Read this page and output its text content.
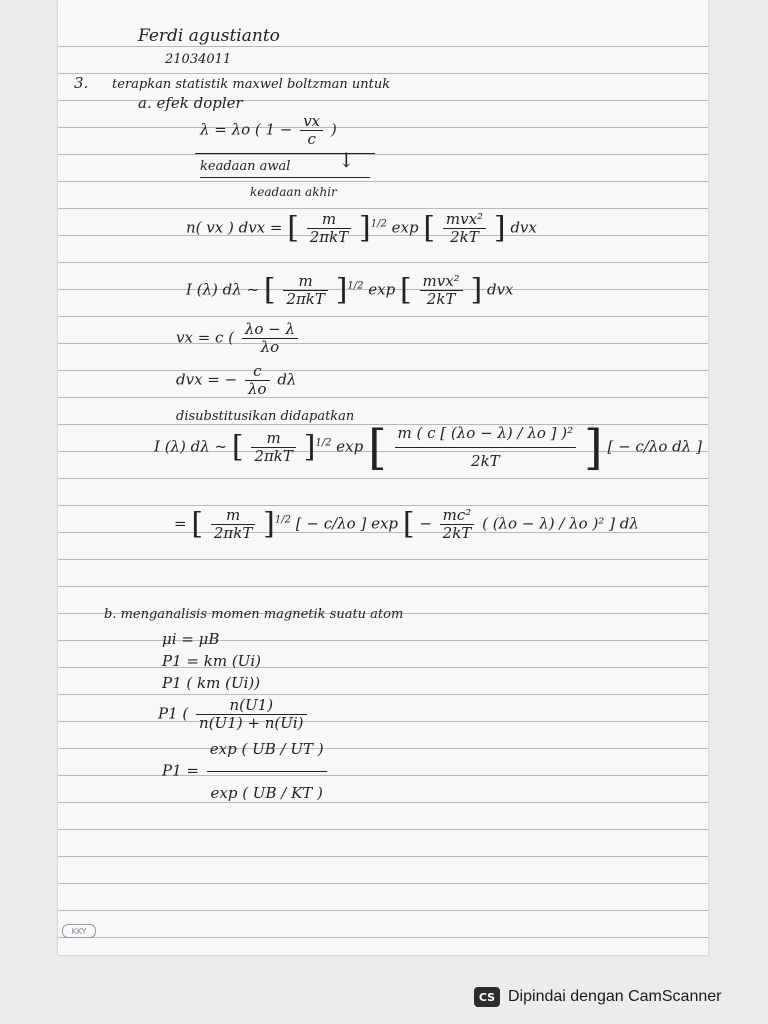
Ferdi agustianto
21034011
3. terapkan statistik maxwel boltzman untuk
a. efek dopler
λ = λo ( $1 - \frac{vx}{c}$ )
keadaan awal ↓
keadaan akhir
n( vx ) dvx = [ $\frac{m}{\text{2πkT}} ]^{1/2}$ exp [ $\frac{\text{mvx²}}{2kT}$ ] dvx
I (λ) dλ ~ [ $\frac{m}{\text{2πkT}} ]^{1/2}$ exp [ $\frac{\text{mvx²}}{2kT}$ ] dvx
vx = c ( $\frac{\lambda o - \lambda}{\lambda o}$
dvx = − $\frac{c}{\lambda o}$ dλ
disubstitusikan didapatkan
I (λ) dλ ~ [ $\frac{m}{\text{2πkT}} ]^{1/2}$ exp [ $\frac{\text{m ( c [ (λo − λ) / λo ] )²}}{2kT}$ ] [ − c/λo dλ ]
= [ $\frac{m}{\text{2πkT}} ]^{1/2}$ [ − c/λo ] exp [ − $\frac{\text{mc²}}{2kT}$ ( (λo − λ) / λo )² ] dλ
b. menganalisis momen magnetik suatu atom
μi = μB
P1 = km (Ui)
P1 ( km (Ui))
P1 ( $\frac{n(U1)}{n(U1) + n(Ui)}$
$P1 = \frac{\exp ( UB / UT )}{\exp ( UB / KT )}$
KKY
CS Dipindai dengan CamScanner
